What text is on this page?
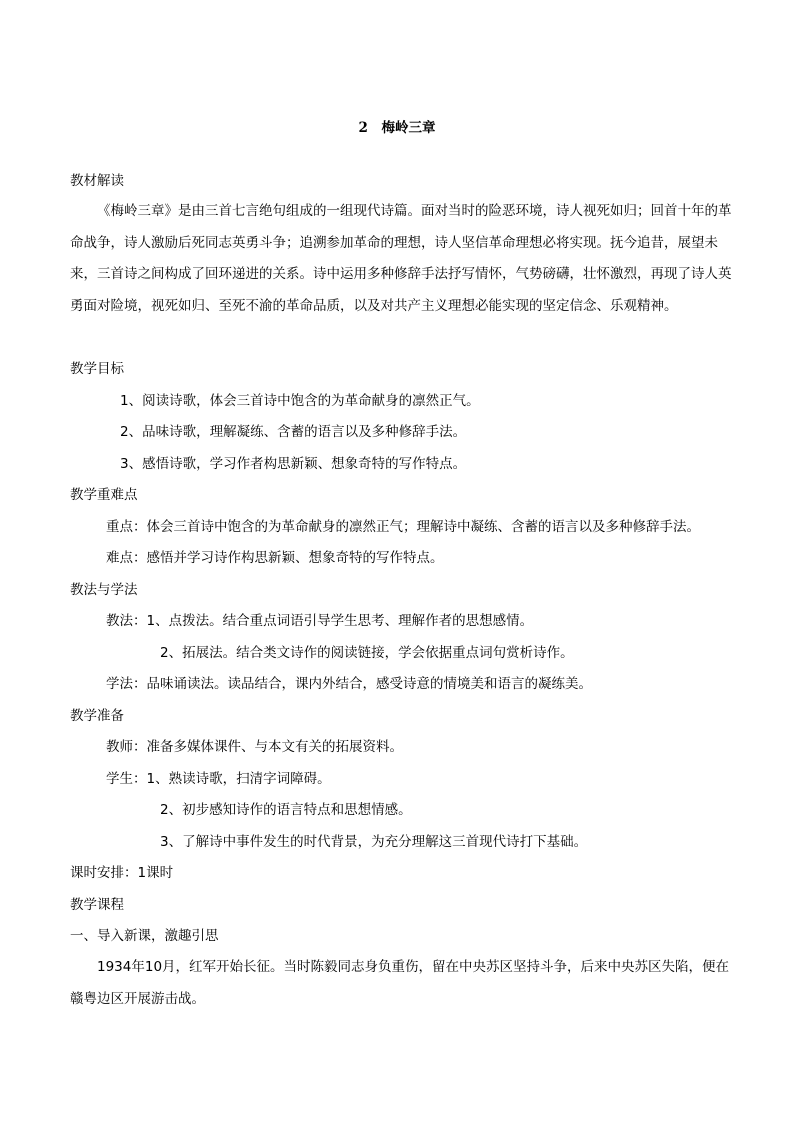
2　梅岭三章
教材解读
《梅岭三章》是由三首七言绝句组成的一组现代诗篇。面对当时的险恶环境，诗人视死如归；回首十年的革命战争，诗人激励后死同志英勇斗争；追溯参加革命的理想，诗人坚信革命理想必将实现。抚今追昔，展望未来，三首诗之间构成了回环递进的关系。诗中运用多种修辞手法抒写情怀，气势磅礴，壮怀激烈，再现了诗人英勇面对险境，视死如归、至死不渝的革命品质，以及对共产主义理想必能实现的坚定信念、乐观精神。
教学目标
1、阅读诗歌，体会三首诗中饱含的为革命献身的凛然正气。
2、品味诗歌，理解凝练、含蓄的语言以及多种修辞手法。
3、感悟诗歌，学习作者构思新颖、想象奇特的写作特点。
教学重难点
重点：体会三首诗中饱含的为革命献身的凛然正气；理解诗中凝练、含蓄的语言以及多种修辞手法。
难点：感悟并学习诗作构思新颖、想象奇特的写作特点。
教法与学法
教法：1、点拨法。结合重点词语引导学生思考、理解作者的思想感情。
2、拓展法。结合类文诗作的阅读链接，学会依据重点词句赏析诗作。
学法：品味诵读法。读品结合，课内外结合，感受诗意的情境美和语言的凝练美。
教学准备
教师：准备多媒体课件、与本文有关的拓展资料。
学生：1、熟读诗歌，扫清字词障碍。
2、初步感知诗作的语言特点和思想情感。
3、了解诗中事件发生的时代背景，为充分理解这三首现代诗打下基础。
课时安排：1课时
教学课程
一、导入新课，激趣引思
1934年10月，红军开始长征。当时陈毅同志身负重伤，留在中央苏区坚持斗争，后来中央苏区失陷，便在赣粤边区开展游击战。
